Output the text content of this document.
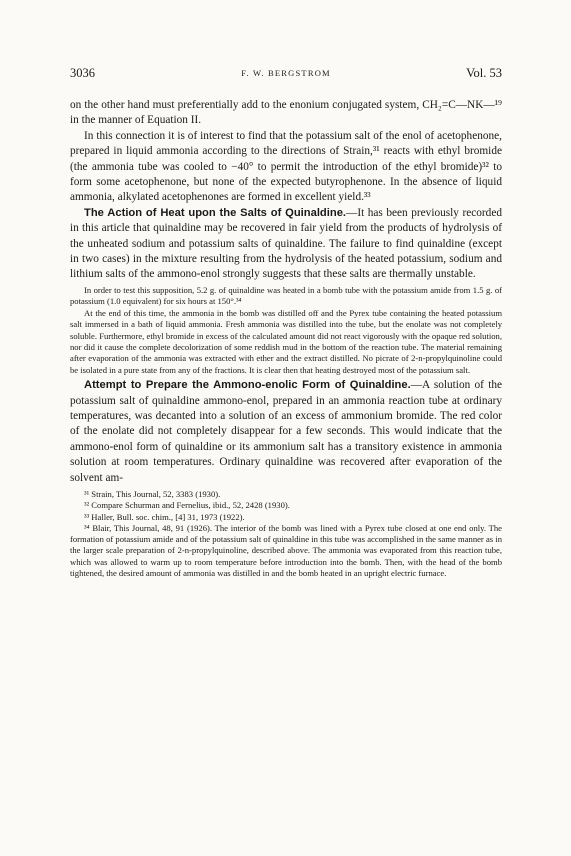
3036	F. W. BERGSTROM	Vol. 53

on the other hand must preferentially add to the enonium conjugated system, CH₂=C—NK—¹⁹ in the manner of Equation II.

In this connection it is of interest to find that the potassium salt of the enol of acetophenone, prepared in liquid ammonia according to the directions of Strain,³¹ reacts with ethyl bromide (the ammonia tube was cooled to −40° to permit the introduction of the ethyl bromide)³² to form some acetophenone, but none of the expected butyrophenone. In the absence of liquid ammonia, alkylated acetophenones are formed in excellent yield.³³

The Action of Heat upon the Salts of Quinaldine.—It has been previously recorded in this article that quinaldine may be recovered in fair yield from the products of hydrolysis of the unheated sodium and potassium salts of quinaldine. The failure to find quinaldine (except in two cases) in the mixture resulting from the hydrolysis of the heated potassium, sodium and lithium salts of the ammono-enol strongly suggests that these salts are thermally unstable.

In order to test this supposition, 5.2 g. of quinaldine was heated in a bomb tube with the potassium amide from 1.5 g. of potassium (1.0 equivalent) for six hours at 150°.³⁴

At the end of this time, the ammonia in the bomb was distilled off and the Pyrex tube containing the heated potassium salt immersed in a bath of liquid ammonia. Fresh ammonia was distilled into the tube, but the enolate was not completely soluble. Furthermore, ethyl bromide in excess of the calculated amount did not react vigorously with the opaque red solution, nor did it cause the complete decolorization of some reddish mud in the bottom of the reaction tube. The material remaining after evaporation of the ammonia was extracted with ether and the extract distilled. No picrate of 2-n-propylquinoline could be isolated in a pure state from any of the fractions. It is clear then that heating destroyed most of the potassium salt.

Attempt to Prepare the Ammono-enolic Form of Quinaldine.—A solution of the potassium salt of quinaldine ammono-enol, prepared in an ammonia reaction tube at ordinary temperatures, was decanted into a solution of an excess of ammonium bromide. The red color of the enolate did not completely disappear for a few seconds. This would indicate that the ammono-enol form of quinaldine or its ammonium salt has a transitory existence in ammonia solution at room temperatures. Ordinary quinaldine was recovered after evaporation of the solvent am-

³¹ Strain, This Journal, 52, 3383 (1930).

³² Compare Schurman and Fernelius, ibid., 52, 2428 (1930).

³³ Haller, Bull. soc. chim., [4] 31, 1973 (1922).

³⁴ Blair, This Journal, 48, 91 (1926). The interior of the bomb was lined with a Pyrex tube closed at one end only. The formation of potassium amide and of the potassium salt of quinaldine in this tube was accomplished in the same manner as in the larger scale preparation of 2-n-propylquinoline, described above. The ammonia was evaporated from this reaction tube, which was allowed to warm up to room temperature before introduction into the bomb. Then, with the head of the bomb tightened, the desired amount of ammonia was distilled in and the bomb heated in an upright electric furnace.
